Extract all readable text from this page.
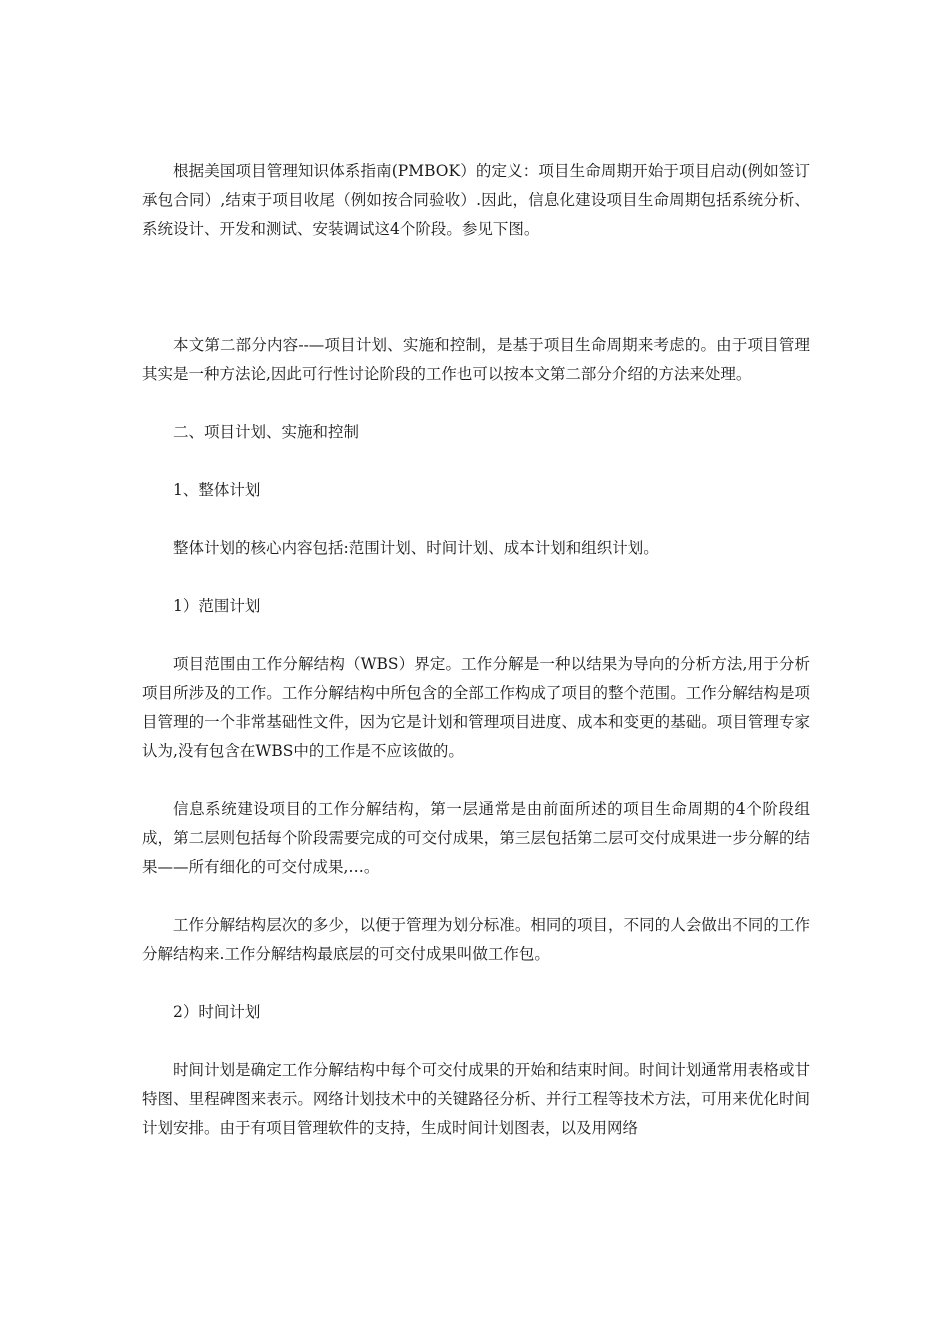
根据美国项目管理知识体系指南(PMBOK）的定义：项目生命周期开始于项目启动(例如签订承包合同）,结束于项目收尾（例如按合同验收）.因此，信息化建设项目生命周期包括系统分析、系统设计、开发和测试、安装调试这4个阶段。参见下图。

本文第二部分内容--—项目计划、实施和控制，是基于项目生命周期来考虑的。由于项目管理其实是一种方法论,因此可行性讨论阶段的工作也可以按本文第二部分介绍的方法来处理。

二、项目计划、实施和控制

1、整体计划

整体计划的核心内容包括:范围计划、时间计划、成本计划和组织计划。

1）范围计划

项目范围由工作分解结构（WBS）界定。工作分解是一种以结果为导向的分析方法,用于分析项目所涉及的工作。工作分解结构中所包含的全部工作构成了项目的整个范围。工作分解结构是项目管理的一个非常基础性文件，因为它是计划和管理项目进度、成本和变更的基础。项目管理专家认为,没有包含在WBS中的工作是不应该做的。

信息系统建设项目的工作分解结构，第一层通常是由前面所述的项目生命周期的4个阶段组成，第二层则包括每个阶段需要完成的可交付成果，第三层包括第二层可交付成果进一步分解的结果——所有细化的可交付成果,…。

工作分解结构层次的多少，以便于管理为划分标准。相同的项目，不同的人会做出不同的工作分解结构来.工作分解结构最底层的可交付成果叫做工作包。

2）时间计划

时间计划是确定工作分解结构中每个可交付成果的开始和结束时间。时间计划通常用表格或甘特图、里程碑图来表示。网络计划技术中的关键路径分析、并行工程等技术方法，可用来优化时间计划安排。由于有项目管理软件的支持，生成时间计划图表，以及用网络
